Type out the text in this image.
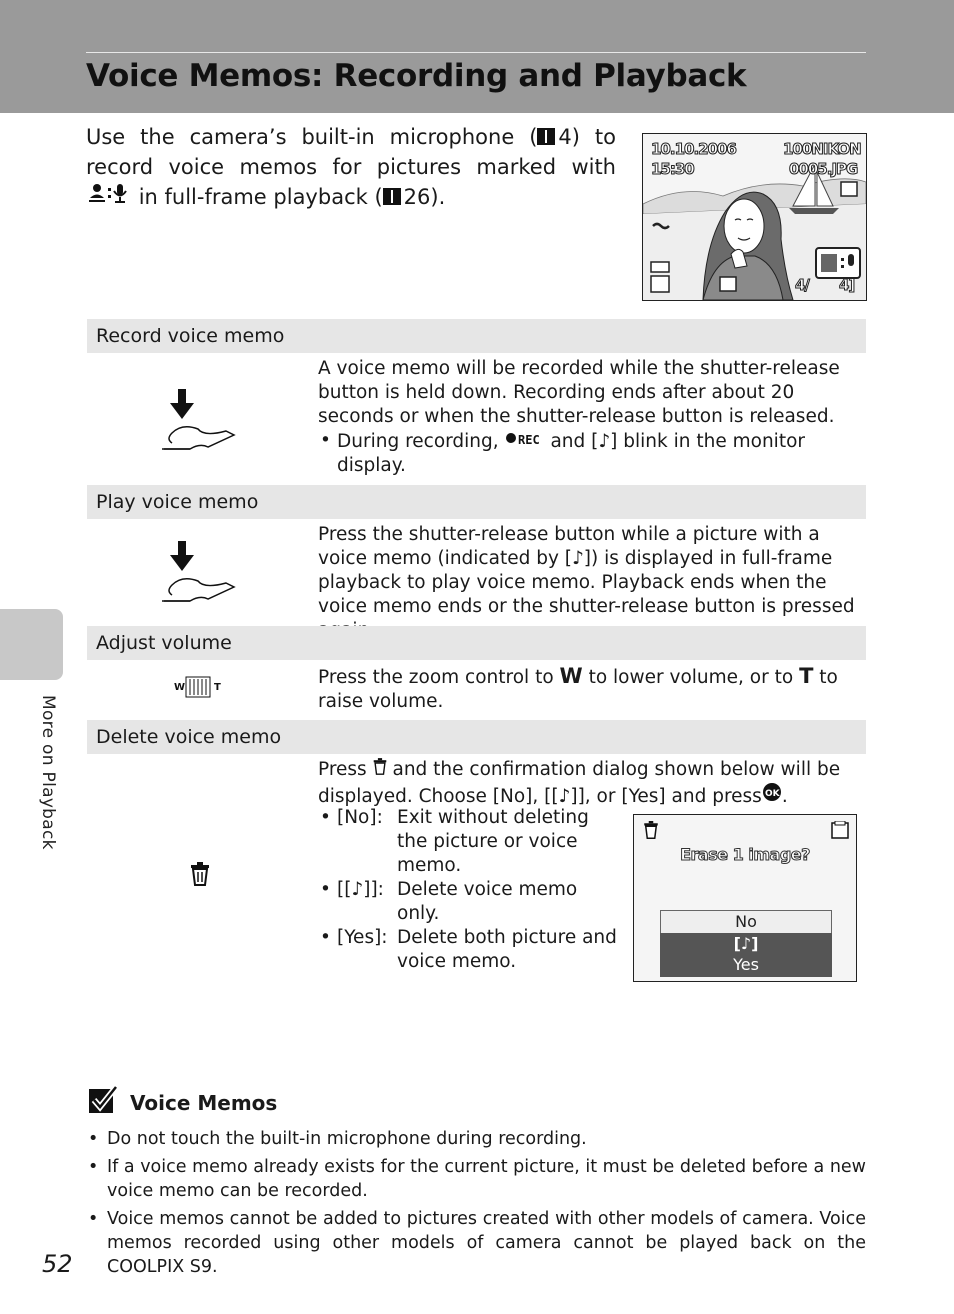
Voice Memos: Recording and Playback

Use the camera’s built-in microphone ( 4) to record voice memos for pictures marked with  in full-frame playback ( 26).

10.10.2006
15:30
100NIKON
0005.JPG
4/ 4]
Record voice memo
A voice memo will be recorded while the shutter-release button is held down. Recording ends after about 20 seconds or when the shutter-release button is released.
• During recording, REC and [♪] blink in the monitor display.
Play voice memo
Press the shutter-release button while a picture with a voice memo (indicated by [♪]) is displayed in full-frame playback to play voice memo. Playback ends when the voice memo ends or the shutter-release button is pressed
Adjust volume
W	T	Press the zoom control to W to lower volume, or to T to raise volume.
Delete voice memo
Press and the confirmation dialog shown below will be displayed. Choose [No], [[♪]], or [Yes] and press OK .
• [No]: Exit without deleting the picture or voice memo.
• [[♪]]: Delete voice memo only.
• [Yes]: Delete both picture and voice memo.
Erase 1 image?
No
[♪]
Yes
Voice Memos
• Do not touch the built-in microphone during recording.
• If a voice memo already exists for the current picture, it must be deleted before a new voice memo can be recorded.
• Voice memos cannot be added to pictures created with other models of camera. Voice memos recorded using other models of camera cannot be played back on the COOLPIX S9.
More on Playback

52
